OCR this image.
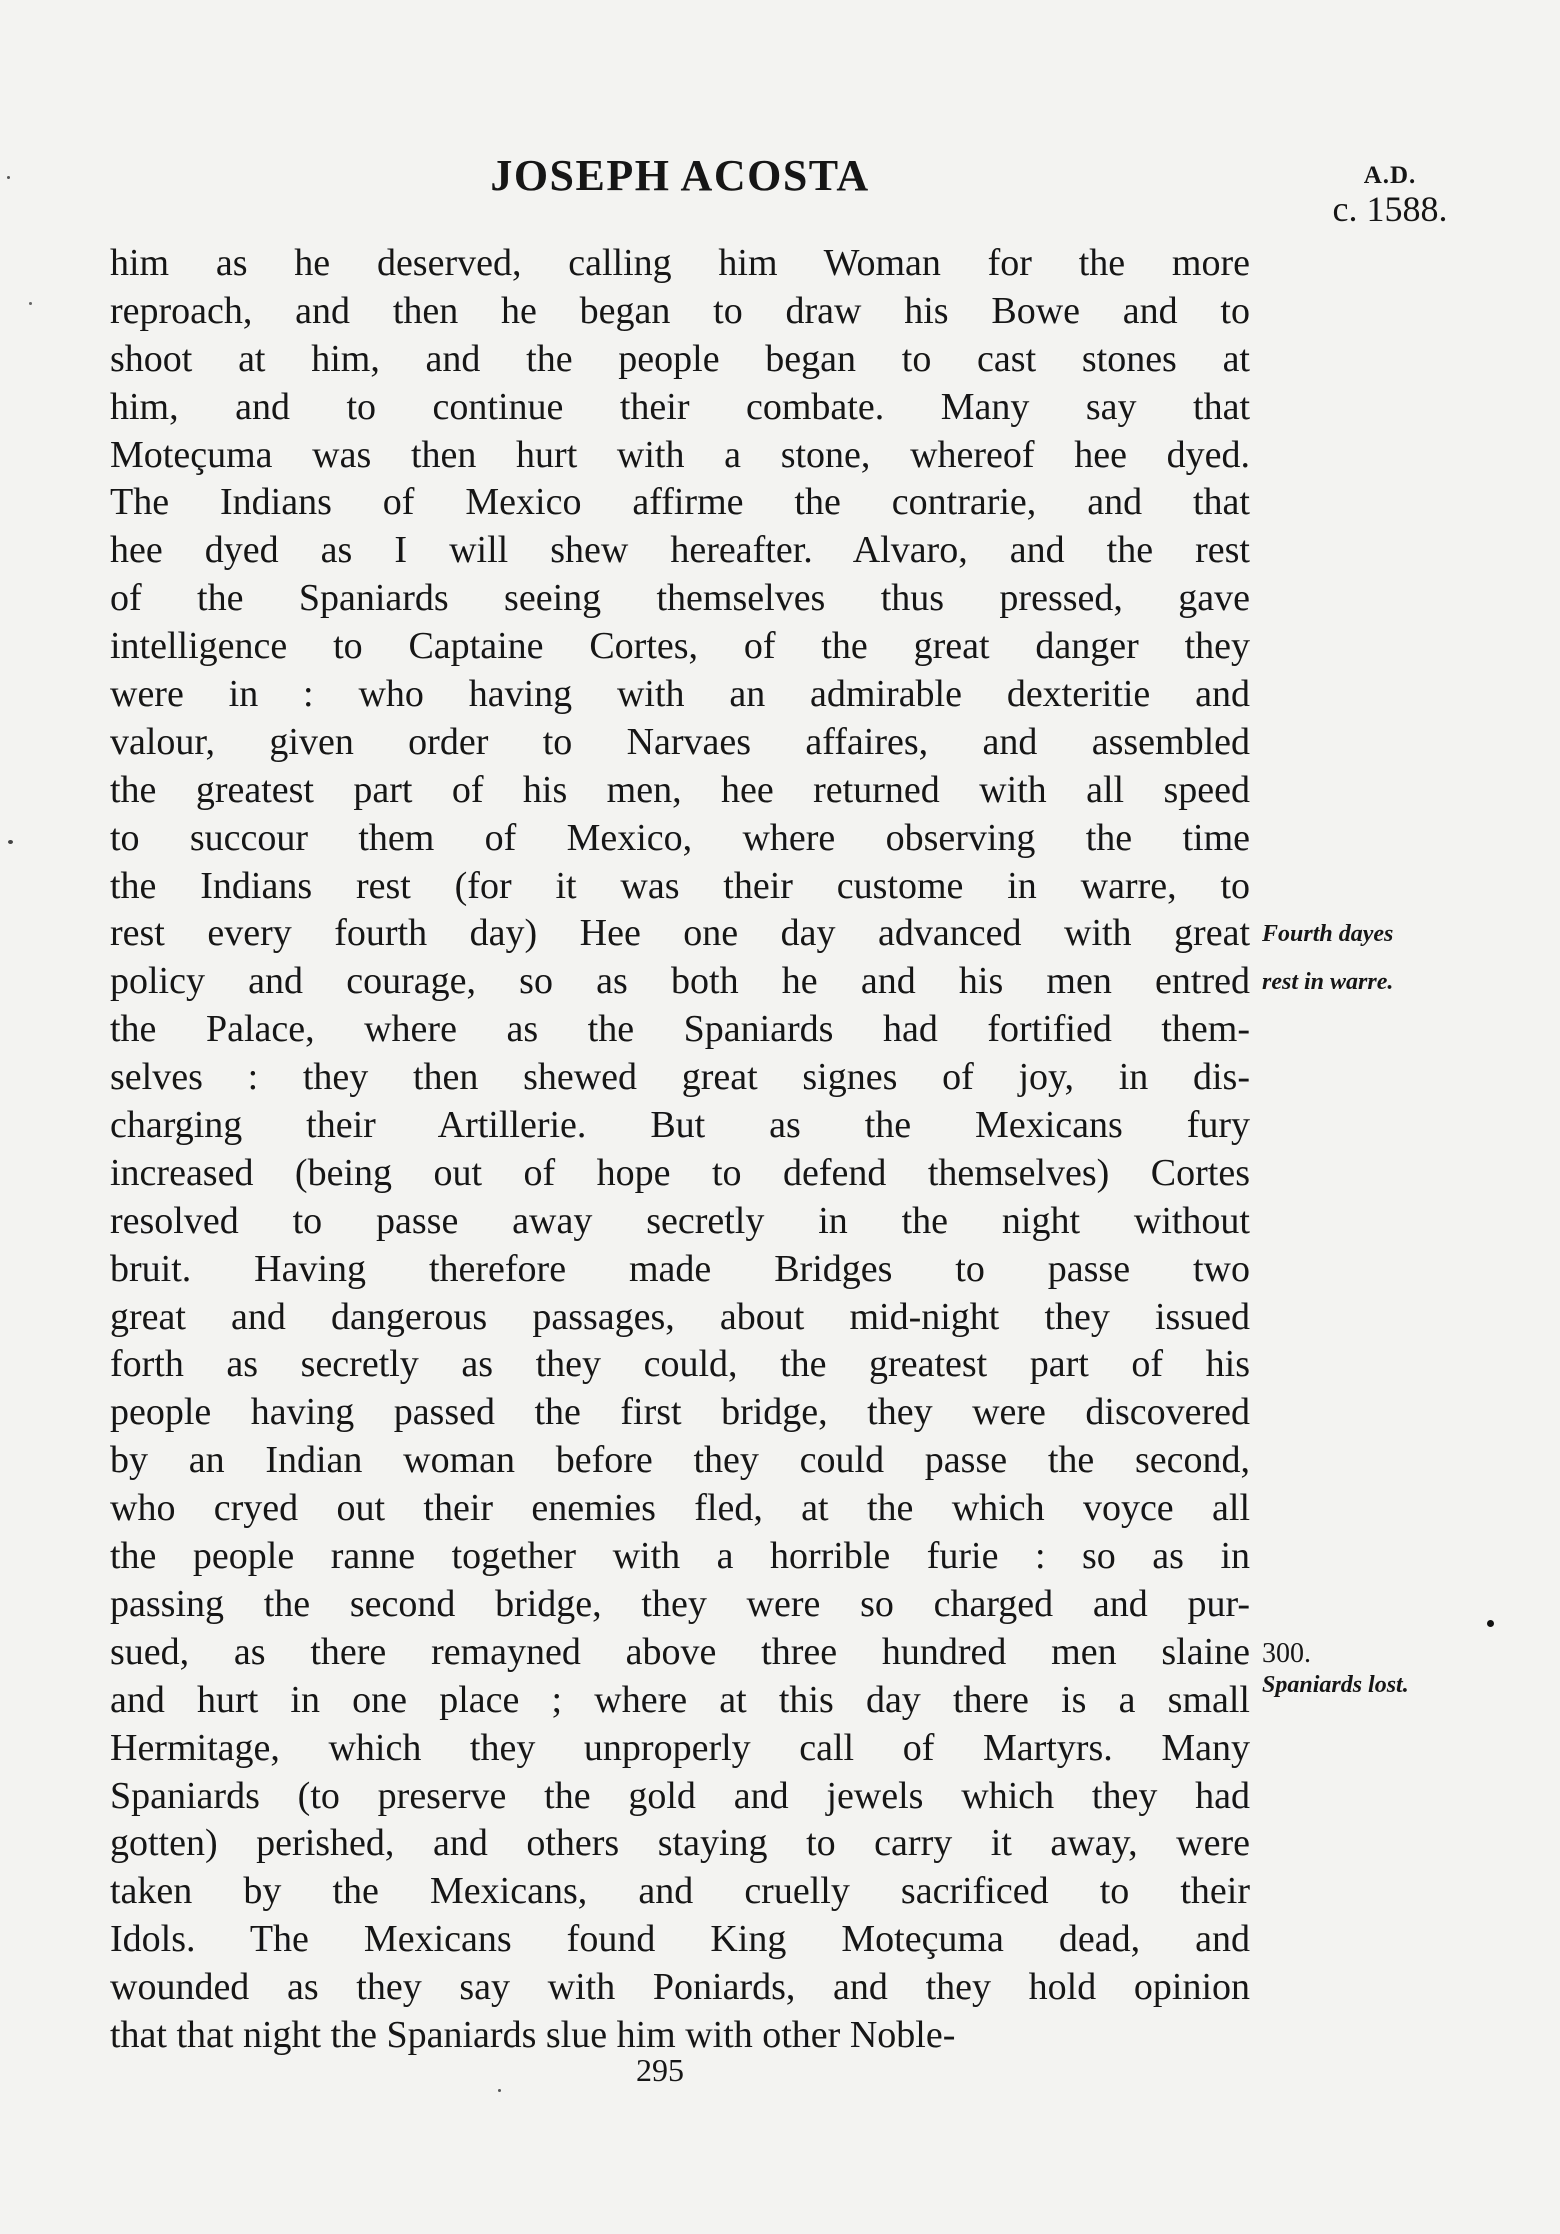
JOSEPH ACOSTA	A.D.
c. 1588.
him as he deserved, calling him Woman for the more
reproach, and then he began to draw his Bowe and to
shoot at him, and the people began to cast stones at
him, and to continue their combate. Many say that
Moteçuma was then hurt with a stone, whereof hee dyed.
The Indians of Mexico affirme the contrarie, and that
hee dyed as I will shew hereafter. Alvaro, and the rest
of the Spaniards seeing themselves thus pressed, gave
intelligence to Captaine Cortes, of the great danger they
were in : who having with an admirable dexteritie and
valour, given order to Narvaes affaires, and assembled
the greatest part of his men, hee returned with all speed
to succour them of Mexico, where observing the time
the Indians rest (for it was their custome in warre, to
rest every fourth day) Hee one day advanced with great
policy and courage, so as both he and his men entred
the Palace, where as the Spaniards had fortified them-
selves : they then shewed great signes of joy, in dis-
charging their Artillerie. But as the Mexicans fury
increased (being out of hope to defend themselves) Cortes
resolved to passe away secretly in the night without
bruit. Having therefore made Bridges to passe two
great and dangerous passages, about mid-night they issued
forth as secretly as they could, the greatest part of his
people having passed the first bridge, they were discovered
by an Indian woman before they could passe the second,
who cryed out their enemies fled, at the which voyce all
the people ranne together with a horrible furie : so as in
passing the second bridge, they were so charged and pur-
sued, as there remayned above three hundred men slaine
and hurt in one place ; where at this day there is a small
Hermitage, which they unproperly call of Martyrs. Many
Spaniards (to preserve the gold and jewels which they had
gotten) perished, and others staying to carry it away, were
taken by the Mexicans, and cruelly sacrificed to their
Idols. The Mexicans found King Moteçuma dead, and
wounded as they say with Poniards, and they hold opinion
that that night the Spaniards slue him with other Noble-
Fourth dayes
rest in warre.
300.
Spaniards lost.
295
